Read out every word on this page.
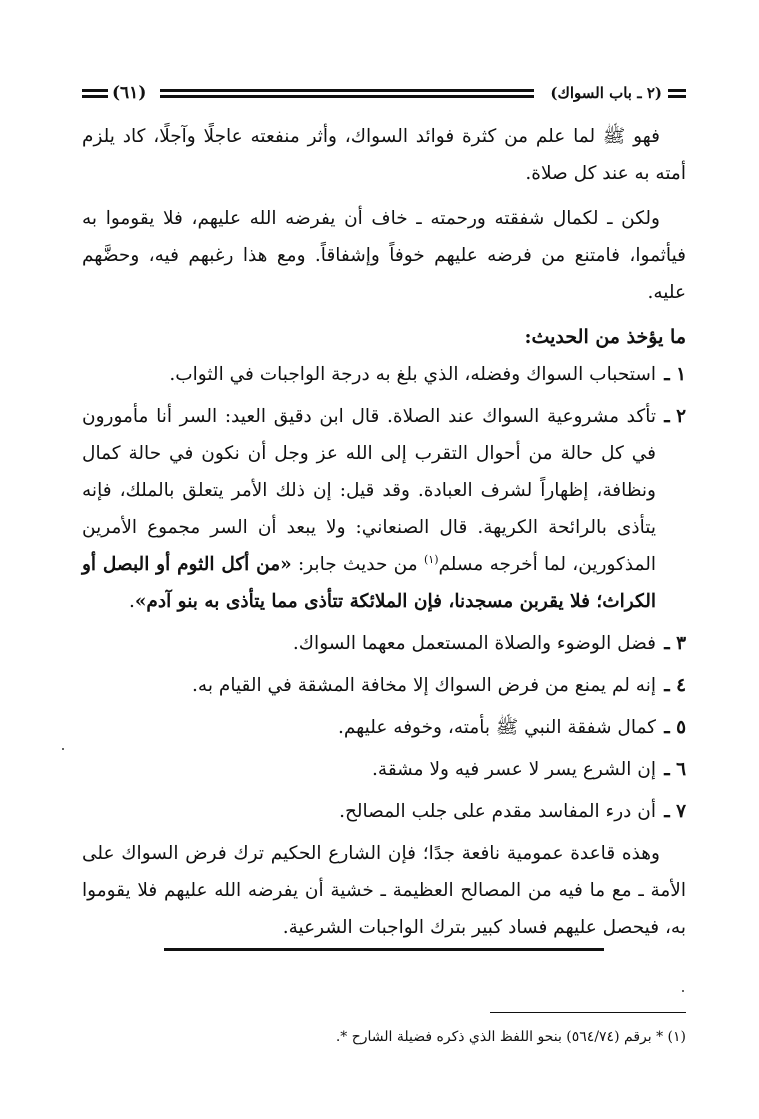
(٢ ـ باب السواك)
(٦١)

فهو ﷺ لما علم من كثرة فوائد السواك، وأثر منفعته عاجلًا وآجلًا، كاد يلزم أمته به عند كل صلاة.

ولكن ـ لكمال شفقته ورحمته ـ خاف أن يفرضه الله عليهم، فلا يقوموا به فيأثموا، فامتنع من فرضه عليهم خوفاً وإشفاقاً. ومع هذا رغبهم فيه، وحضَّهم عليه.

ما يؤخذ من الحديث:
١ ـ
استحباب السواك وفضله، الذي بلغ به درجة الواجبات في الثواب.
٢ ـ
تأكد مشروعية السواك عند الصلاة. قال ابن دقيق العيد: السر أنا مأمورون في كل حالة من أحوال التقرب إلى الله عز وجل أن نكون في حالة كمال ونظافة، إظهاراً لشرف العبادة. وقد قيل: إن ذلك الأمر يتعلق بالملك، فإنه يتأذى بالرائحة الكريهة. قال الصنعاني: ولا يبعد أن السر مجموع الأمرين المذكورين، لما أخرجه مسلم$^{(١)}$ من حديث جابر: «من أكل الثوم أو البصل أو الكراث؛ فلا يقربن مسجدنا، فإن الملائكة تتأذى مما يتأذى به بنو آدم».
٣ ـ
فضل الوضوء والصلاة المستعمل معهما السواك.
٤ ـ
إنه لم يمنع من فرض السواك إلا مخافة المشقة في القيام به.
٥ ـ
كمال شفقة النبي ﷺ بأمته، وخوفه عليهم.
٦ ـ
إن الشرع يسر لا عسر فيه ولا مشقة.
٧ ـ
أن درء المفاسد مقدم على جلب المصالح.

وهذه قاعدة عمومية نافعة جدًا؛ فإن الشارع الحكيم ترك فرض السواك على الأمة ـ مع ما فيه من المصالح العظيمة ـ خشية أن يفرضه الله عليهم فلا يقوموا به، فيحصل عليهم فساد كبير بترك الواجبات الشرعية.

(١) * برقم (٥٦٤/٧٤) بنحو اللفظ الذي ذكره فضيلة الشارح *.
